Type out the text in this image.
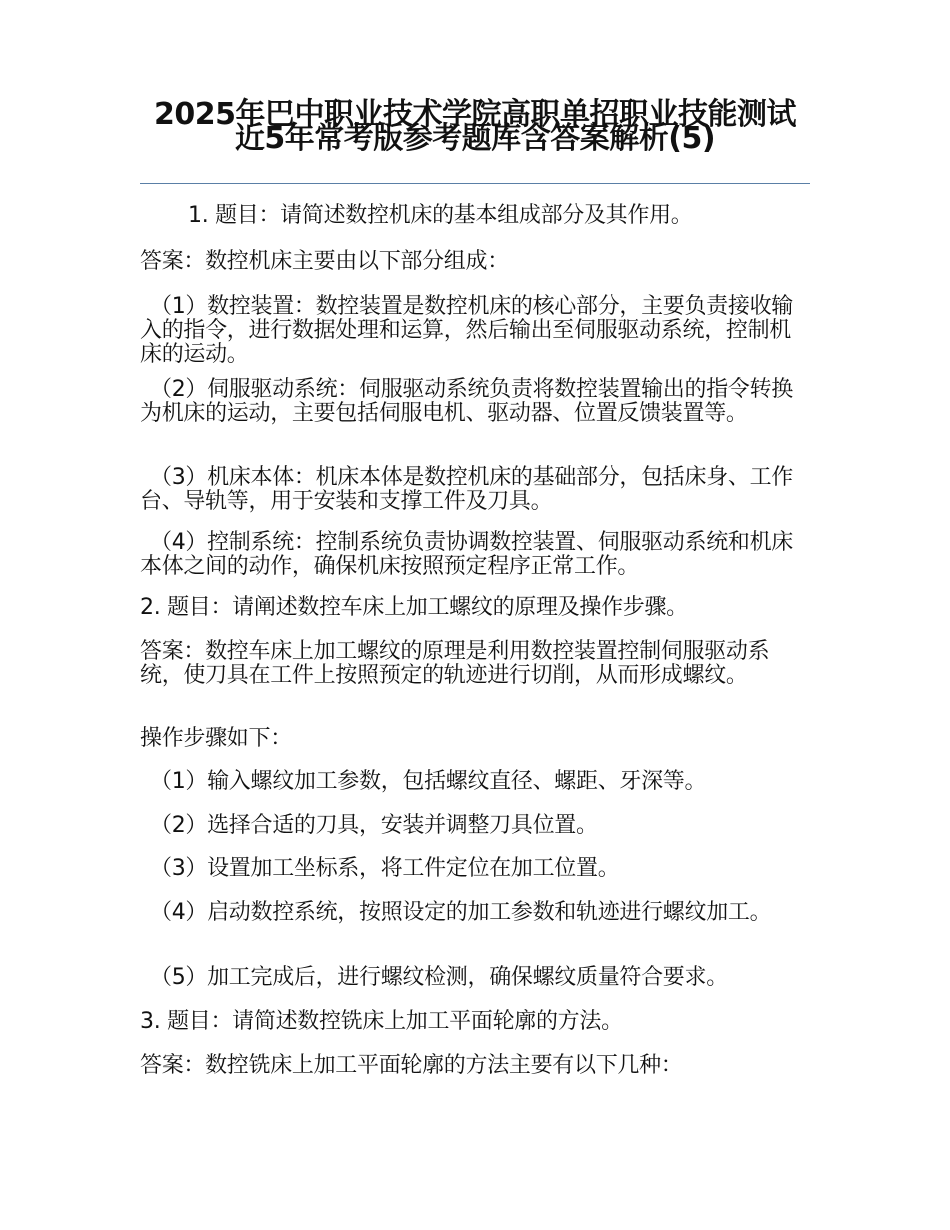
2025年巴中职业技术学院高职单招职业技能测试近5年常考版参考题库含答案解析(5)
1. 题目：请简述数控机床的基本组成部分及其作用。
答案：数控机床主要由以下部分组成：
（1）数控装置：数控装置是数控机床的核心部分，主要负责接收输入的指令，进行数据处理和运算，然后输出至伺服驱动系统，控制机床的运动。
（2）伺服驱动系统：伺服驱动系统负责将数控装置输出的指令转换为机床的运动，主要包括伺服电机、驱动器、位置反馈装置等。
（3）机床本体：机床本体是数控机床的基础部分，包括床身、工作台、导轨等，用于安装和支撑工件及刀具。
（4）控制系统：控制系统负责协调数控装置、伺服驱动系统和机床本体之间的动作，确保机床按照预定程序正常工作。
2. 题目：请阐述数控车床上加工螺纹的原理及操作步骤。
答案：数控车床上加工螺纹的原理是利用数控装置控制伺服驱动系统，使刀具在工件上按照预定的轨迹进行切削，从而形成螺纹。
操作步骤如下：
（1）输入螺纹加工参数，包括螺纹直径、螺距、牙深等。
（2）选择合适的刀具，安装并调整刀具位置。
（3）设置加工坐标系，将工件定位在加工位置。
（4）启动数控系统，按照设定的加工参数和轨迹进行螺纹加工。
（5）加工完成后，进行螺纹检测，确保螺纹质量符合要求。
3. 题目：请简述数控铣床上加工平面轮廓的方法。
答案：数控铣床上加工平面轮廓的方法主要有以下几种：
